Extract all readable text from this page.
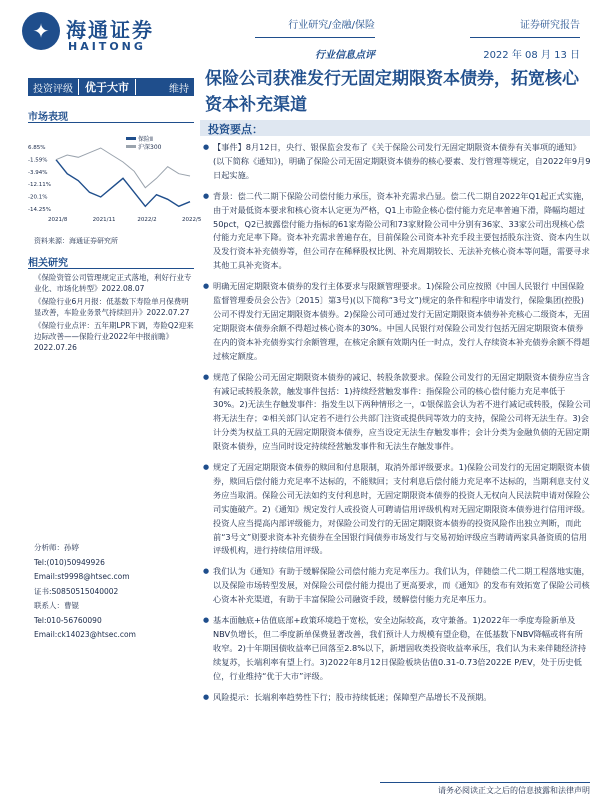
✦ 海通证券
HAITONG
行业研究/金融/保险
行业信息点评
证券研究报告
2022 年 08 月 13 日
投资评级	优于大市	维持 保险公司获准发行无固定期限资本债券，拓宽核心资本补充渠道
市场表现
保险Ⅱ
沪深300
6.85%
-1.59%
-3.94%
-12.11%
-20.1%
-14.25%
2021/8	2021/11	2022/2	2022/5
资料来源：海通证券研究所
相关研究
《保险资管公司管理规定正式落地，利好行业专业化、市场化转型》2022.08.07
《保险行业6月月报：低基数下寿险单月保费明显改善，车险业务景气持续回升》2022.07.27
《保险行业点评：五年期LPR下调，寿险Q2迎来边际改善——保险行业2022年中报前瞻》2022.07.26
分析师：孙婷
Tel:(010)50949926
Email:st9998@htsec.com
证书:S0850515040002
联系人：曹锟
Tel:010-56760090
Email:ck14023@htsec.com
投资要点：

● 【事件】8月12日，央行、银保监会发布了《关于保险公司发行无固定期限资本债券有关事项的通知》(以下简称《通知》)，明确了保险公司无固定期限资本债券的核心要素、发行管理等规定，自2022年9月9日起实施。

● 背景：偿二代二期下保险公司偿付能力承压，资本补充需求凸显。偿二代二期自2022年Q1起正式实施，由于对最低资本要求和核心资本认定更为严格，Q1上市险企核心偿付能力充足率普遍下滑，降幅均超过50pct，Q2已披露偿付能力指标的61家寿险公司和73家财险公司中分别有36家、33家公司出现核心偿付能力充足率下降。资本补充需求普遍存在，目前保险公司资本补充手段主要包括股东注资、资本内生以及发行资本补充债券等，但公司存在稀释股权比例、补充周期较长、无法补充核心资本等问题，需要寻求其他工具补充资本。

● 明确无固定期限资本债券的发行主体要求与限额管理要求。1)保险公司应按照《中国人民银行 中国保险监督管理委员会公告》〔2015〕第3号)(以下简称“3号文”)规定的条件和程序申请发行，保险集团(控股)公司不得发行无固定期限资本债券。2)保险公司可通过发行无固定期限资本债券补充核心二级资本，无固定期限资本债券余额不得超过核心资本的30%。中国人民银行对保险公司发行包括无固定期限资本债券在内的资本补充债券实行余额管理，在核定余额有效期内任一时点，发行人存续资本补充债券余额不得超过核定额度。

● 规范了保险公司无固定期限资本债券的减记、转股条款要求。保险公司发行的无固定期限资本债券应当含有减记或转股条款，触发事件包括：1)持续经营触发事件：指保险公司的核心偿付能力充足率低于30%。2)无法生存触发事件：指发生以下两种情形之一，①银保监会认为若不进行减记或转股，保险公司将无法生存；②相关部门认定若不进行公共部门注资或提供同等效力的支持，保险公司将无法生存。3)会计分类为权益工具的无固定期限资本债券，应当设定无法生存触发事件；会计分类为金融负债的无固定期限资本债券，应当同时设定持续经营触发事件和无法生存触发事件。

● 规定了无固定期限资本债券的赎回和付息限制，取消外部评级要求。1)保险公司发行的无固定期限资本债券，赎回后偿付能力充足率不达标的，不能赎回；支付利息后偿付能力充足率不达标的，当期利息支付义务应当取消。保险公司无法如约支付利息时，无固定期限资本债券的投资人无权向人民法院申请对保险公司实施破产。2)《通知》规定发行人或投资人可聘请信用评级机构对无固定期限资本债券进行信用评级。投资人应当提高内部评级能力，对保险公司发行的无固定期限资本债券的投资风险作出独立判断，而此前“3号文”则要求资本补充债券在全国银行间债券市场发行与交易初始评级应当聘请两家具备资质的信用评级机构，进行持续信用评级。

● 我们认为《通知》有助于缓解保险公司偿付能力充足率压力。我们认为，伴随偿二代二期工程落地实施，以及保险市场转型发展，对保险公司偿付能力提出了更高要求，而《通知》的发布有效拓宽了保险公司核心资本补充渠道，有助于丰富保险公司融资手段，缓解偿付能力充足率压力。

● 基本面触底+估值底部+政策环境趋于宽松，安全边际较高，攻守兼备。1)2022年一季度寿险新单及NBV负增长，但二季度新单保费显著改善，我们预计人力规模有望企稳，在低基数下NBV降幅或将有所收窄。2)十年期国债收益率已回落至2.8%以下，新增固收类投资收益率承压，我们认为未来伴随经济持续复苏，长端利率有望上行。3)2022年8月12日保险板块估值0.31-0.73倍2022E P/EV，处于历史低位，行业维持“优于大市”评级。

● 风险提示：长端利率趋势性下行；股市持续低迷；保障型产品增长不及预期。

请务必阅读正文之后的信息披露和法律声明
